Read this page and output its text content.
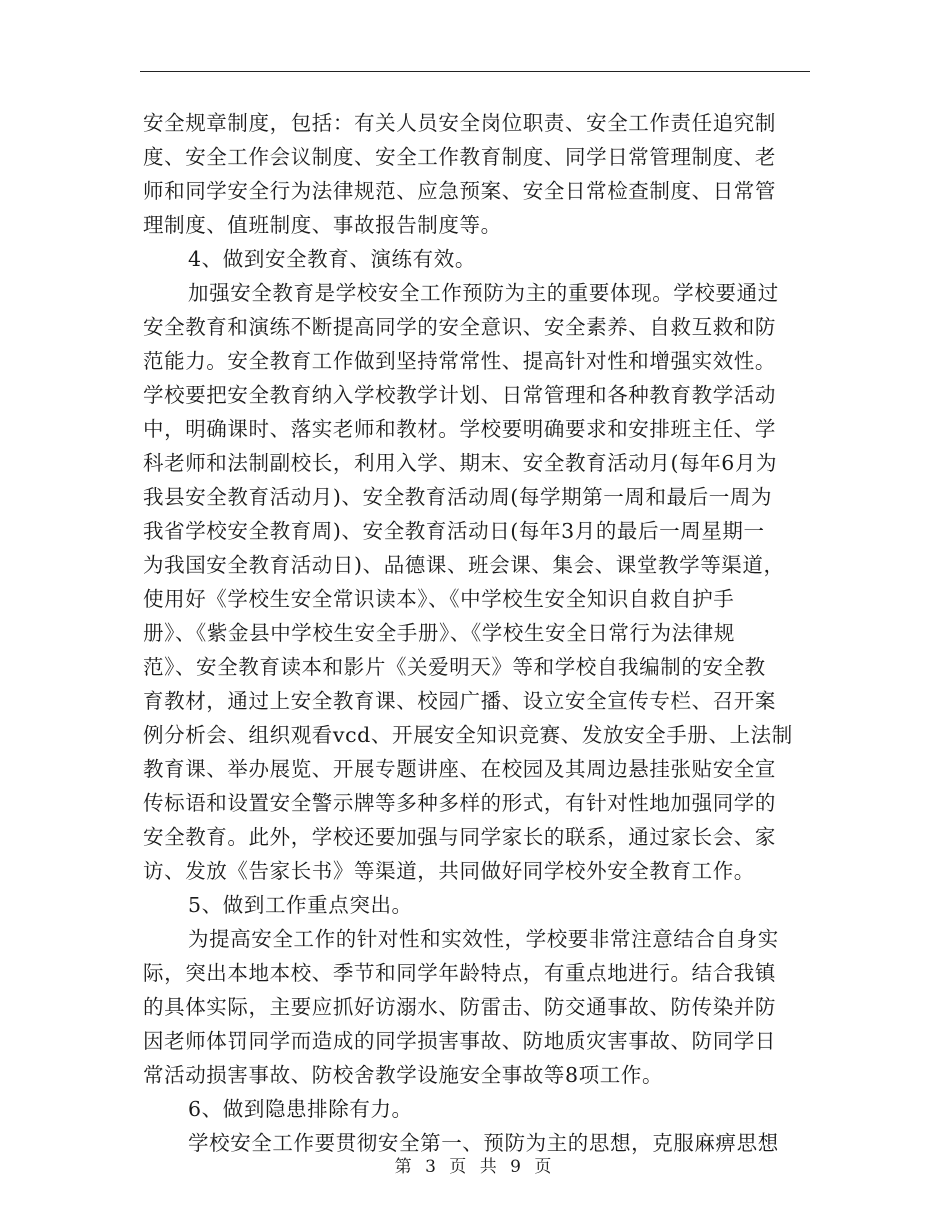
安全规章制度，包括：有关人员安全岗位职责、安全工作责任追究制
度、安全工作会议制度、安全工作教育制度、同学日常管理制度、老
师和同学安全行为法律规范、应急预案、安全日常检查制度、日常管
理制度、值班制度、事故报告制度等。
4、做到安全教育、演练有效。
加强安全教育是学校安全工作预防为主的重要体现。学校要通过
安全教育和演练不断提高同学的安全意识、安全素养、自救互救和防
范能力。安全教育工作做到坚持常常性、提高针对性和增强实效性。
学校要把安全教育纳入学校教学计划、日常管理和各种教育教学活动
中，明确课时、落实老师和教材。学校要明确要求和安排班主任、学
科老师和法制副校长，利用入学、期末、安全教育活动月(每年6月为
我县安全教育活动月)、安全教育活动周(每学期第一周和最后一周为
我省学校安全教育周)、安全教育活动日(每年3月的最后一周星期一
为我国安全教育活动日)、品德课、班会课、集会、课堂教学等渠道，
使用好《学校生安全常识读本》、《中学校生安全知识自救自护手
册》、《紫金县中学校生安全手册》、《学校生安全日常行为法律规
范》、安全教育读本和影片《关爱明天》等和学校自我编制的安全教
育教材，通过上安全教育课、校园广播、设立安全宣传专栏、召开案
例分析会、组织观看vcd、开展安全知识竞赛、发放安全手册、上法制
教育课、举办展览、开展专题讲座、在校园及其周边悬挂张贴安全宣
传标语和设置安全警示牌等多种多样的形式，有针对性地加强同学的
安全教育。此外，学校还要加强与同学家长的联系，通过家长会、家
访、发放《告家长书》等渠道，共同做好同学校外安全教育工作。
5、做到工作重点突出。
为提高安全工作的针对性和实效性，学校要非常注意结合自身实
际，突出本地本校、季节和同学年龄特点，有重点地进行。结合我镇
的具体实际，主要应抓好访溺水、防雷击、防交通事故、防传染并防
因老师体罚同学而造成的同学损害事故、防地质灾害事故、防同学日
常活动损害事故、防校舍教学设施安全事故等8项工作。
6、做到隐患排除有力。
学校安全工作要贯彻安全第一、预防为主的思想，克服麻痹思想
第 3 页 共 9 页
